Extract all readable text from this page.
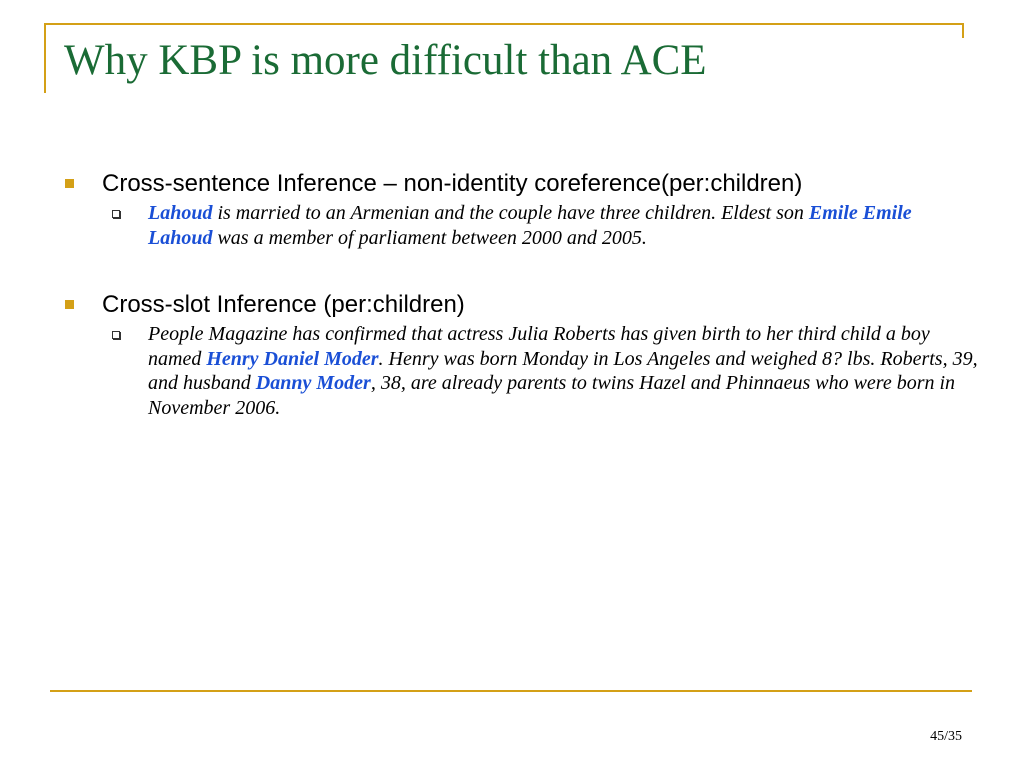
Why KBP is more difficult than ACE
Cross-sentence Inference – non-identity coreference(per:children)
Lahoud is married to an Armenian and the couple have three children. Eldest son Emile Emile Lahoud was a member of parliament between 2000 and 2005.
Cross-slot Inference (per:children)
People Magazine has confirmed that actress Julia Roberts has given birth to her third child a boy named Henry Daniel Moder. Henry was born Monday in Los Angeles and weighed 8? lbs. Roberts, 39, and husband Danny Moder, 38, are already parents to twins Hazel and Phinnaeus who were born in November 2006.
45/35
